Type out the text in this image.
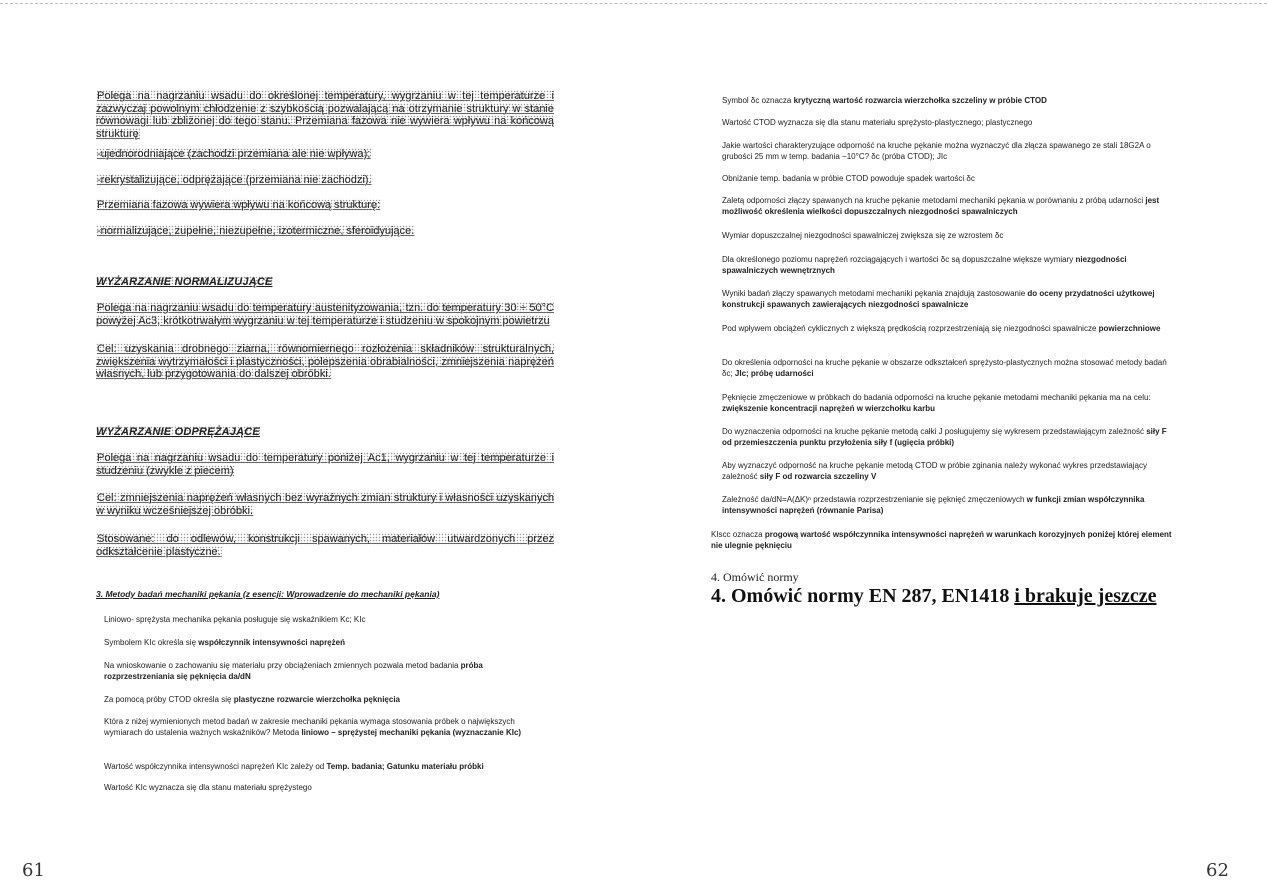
Polega na nagrzaniu wsadu do określonej temperatury, wygrzaniu w tej temperaturze i zazwyczaj powolnym chłodzenie z szybkością pozwalającą na otrzymanie struktury w stanie równowagi lub zbliżonej do tego stanu. Przemiana fazowa nie wywiera wpływu na końcową strukturę
-ujednorodniające (zachodzi przemiana ale nie wpływa);
-rekrystalizujące, odprężające (przemiana nie zachodzi).
Przemiana fazowa wywiera wpływu na końcową strukturę:
-normalizujące, zupełne, niezupełne, izotermiczne, sferoidyujące.
WYŻARZANIE NORMALIZUJĄCE
Polega na nagrzaniu wsadu do temperatury austenityzowania, tzn. do temperatury 30 ÷ 50°C powyżej Ac3, krótkotrwałym wygrzaniu w tej temperaturze i studzeniu w spokojnym powietrzu
Cel: uzyskania drobnego ziarna, równomiernego rozłożenia składników strukturalnych, zwiększenia wytrzymałości i plastyczności, polepszenia obrabialności, zmniejszenia naprężeń własnych, lub przygotowania do dalszej obróbki.
WYŻARZANIE ODPRĘŻAJĄCE
Polega na nagrzaniu wsadu do temperatury poniżej Ac1, wygrzaniu w tej temperaturze i studzeniu (zwykle z piecem)
Cel: zmniejszenia naprężeń własnych bez wyraźnych zmian struktury i własności uzyskanych w wyniku wcześniejszej obróbki.
Stosowane: do odlewów, konstrukcji spawanych, materiałów utwardzonych przez odkształcenie plastyczne.
3. Metody badań mechaniki pękania (z esencji: Wprowadzenie do mechaniki pękania)
Liniowo- sprężysta mechanika pękania posługuje się wskaźnikiem Kc; KIc
Symbolem KIc określa się współczynnik intensywności naprężeń
Na wnioskowanie o zachowaniu się materiału przy obciążeniach zmiennych pozwala metod badania próba rozprzestrzeniania się pęknięcia da/dN
Za pomocą próby CTOD określa się plastyczne rozwarcie wierzchołka pęknięcia
Która z niżej wymienionych metod badań w zakresie mechaniki pękania wymaga stosowania próbek o największych wymiarach do ustalenia ważnych wskaźników? Metoda liniowo – sprężystej mechaniki pękania (wyznaczanie KIc)
Wartość współczynnika intensywności naprężeń KIc zależy od Temp. badania; Gatunku materiału próbki
Wartość KIc wyznacza się dla stanu materiału sprężystego
61
Symbol δc oznacza krytyczną wartość rozwarcia wierzchołka szczeliny w próbie CTOD
Wartość CTOD wyznacza się dla stanu materiału sprężysto-plastycznego; plastycznego
Jakie wartości charakteryzujące odporność na kruche pękanie można wyznaczyć dla złącza spawanego ze stali 18G2A o grubości 25 mm w temp. badania −10°C? δc (próba CTOD); JIc
Obniżanie temp. badania w próbie CTOD powoduje spadek wartości δc
Zaletą odporności złączy spawanych na kruche pękanie metodami mechaniki pękania w porównaniu z próbą udarności jest możliwość określenia wielkości dopuszczalnych niezgodności spawalniczych
Wymiar dopuszczalnej niezgodności spawalniczej zwiększa się ze wzrostem δc
Dla określonego poziomu naprężeń rozciągających i wartości δc są dopuszczalne większe wymiary niezgodności spawalniczych wewnętrznych
Wyniki badań złączy spawanych metodami mechaniki pękania znajdują zastosowanie do oceny przydatności użytkowej konstrukcji spawanych zawierających niezgodności spawalnicze
Pod wpływem obciążeń cyklicznych z większą prędkością rozprzestrzeniają się niezgodności spawalnicze powierzchniowe
Do określenia odporności na kruche pękanie w obszarze odkształceń sprężysto-plastycznych można stosować metody badań δc; JIc; próbę udarności
Pęknięcie zmęczeniowe w próbkach do badania odporności na kruche pękanie metodami mechaniki pękania ma na celu: zwiększenie koncentracji naprężeń w wierzchołku karbu
Do wyznaczenia odporności na kruche pękanie metodą całki J posługujemy się wykresem przedstawiającym zależność siły F od przemieszczenia punktu przyłożenia siły f (ugięcia próbki)
Aby wyznaczyć odporność na kruche pękanie metodą CTOD w próbie zginania należy wykonać wykres przedstawiający zależność siły F od rozwarcia szczeliny V
Zależność da/dN=A(ΔK)ⁿ przedstawia rozprzestrzenianie się pęknięć zmęczeniowych w funkcji zmian współczynnika intensywności naprężeń (równanie Parisa)
KIscc oznacza progową wartość współczynnika intensywności naprężeń w warunkach korozyjnych poniżej której element nie ulegnie pęknięciu
4. Omówić normy
4. Omówić normy EN 287, EN1418 i brakuje jeszcze
62
